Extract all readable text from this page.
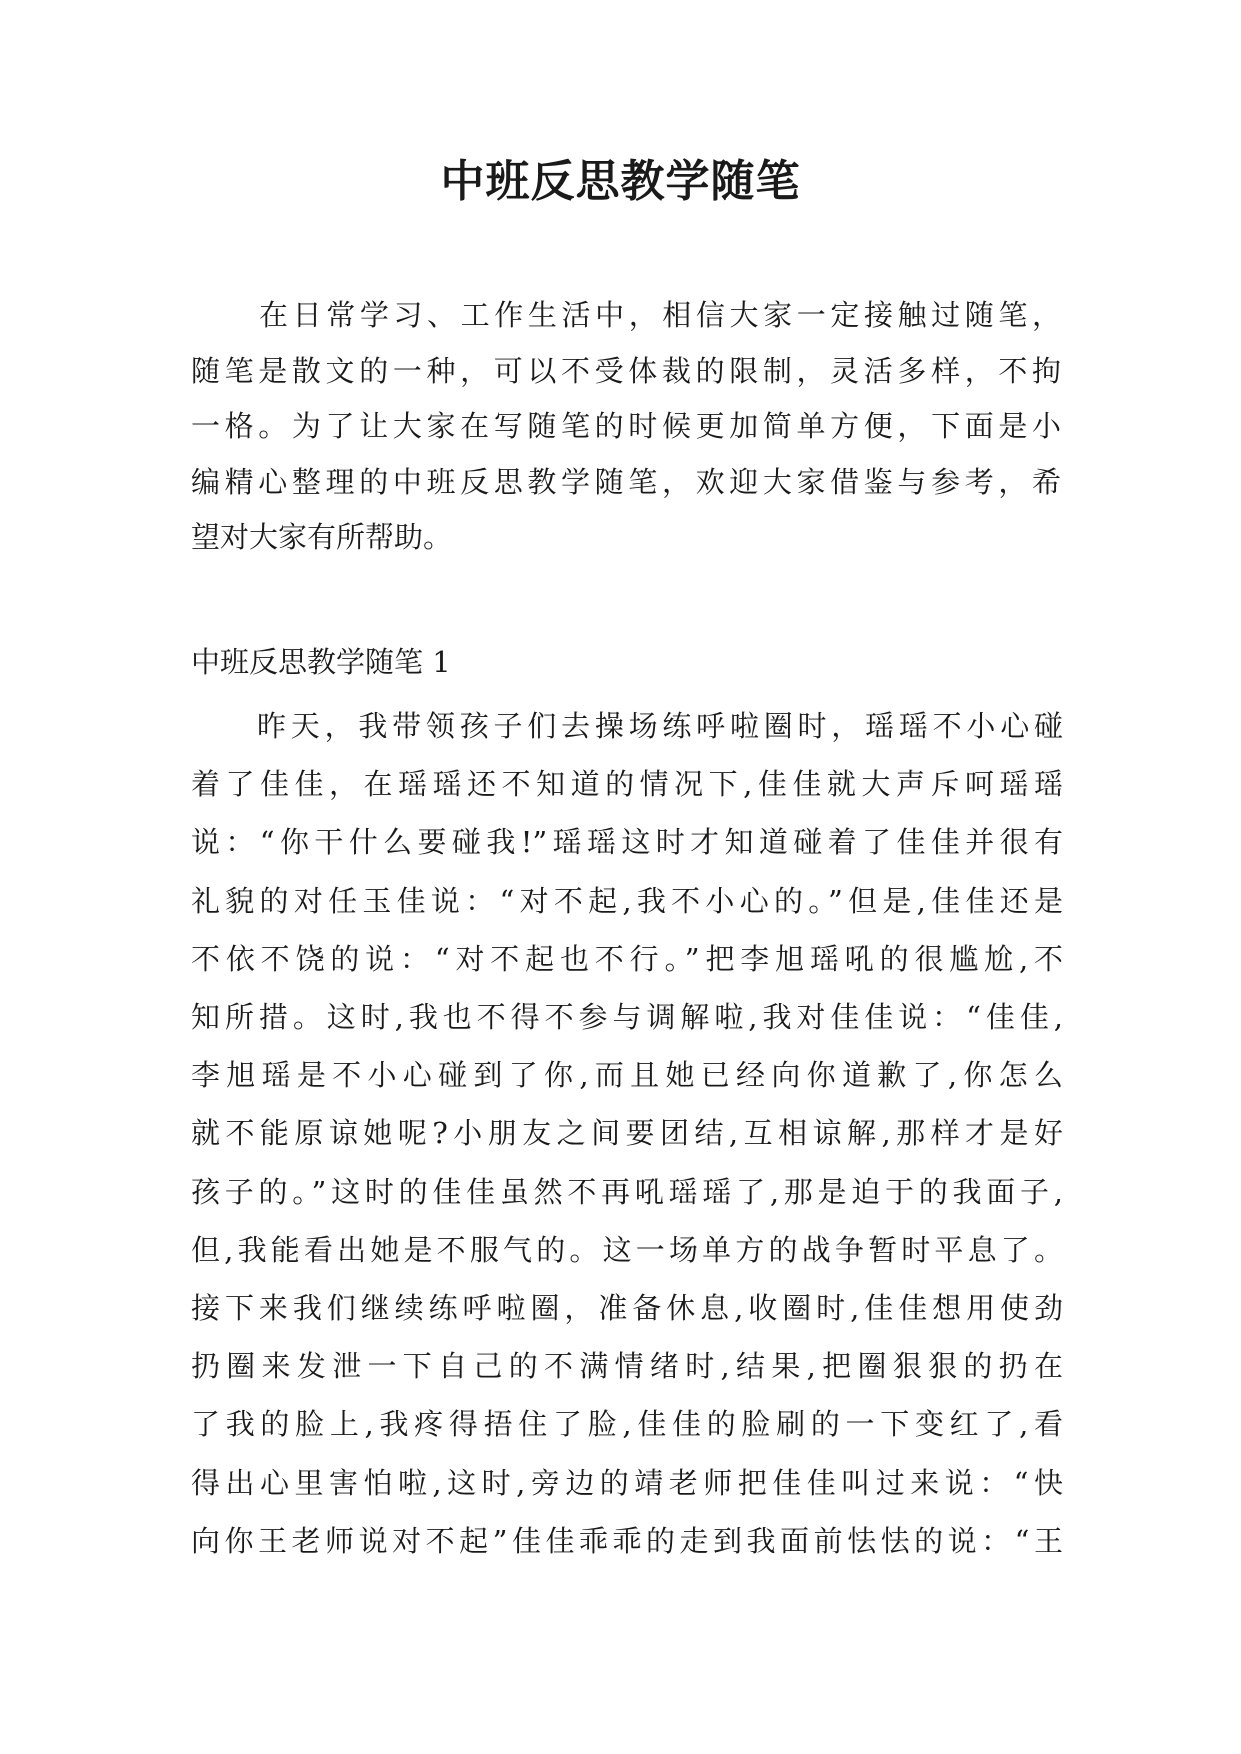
中班反思教学随笔
在日常学习、工作生活中，相信大家一定接触过随笔，
随笔是散文的一种，可以不受体裁的限制，灵活多样，不拘
一格。为了让大家在写随笔的时候更加简单方便，下面是小
编精心整理的中班反思教学随笔，欢迎大家借鉴与参考，希
望对大家有所帮助。
中班反思教学随笔 1
昨天，我带领孩子们去操场练呼啦圈时，瑶瑶不小心碰
着了佳佳，在瑶瑶还不知道的情况下,佳佳就大声斥呵瑶瑶
说：“你干什么要碰我!”瑶瑶这时才知道碰着了佳佳并很有
礼貌的对任玉佳说：“对不起,我不小心的。”但是,佳佳还是
不依不饶的说：“对不起也不行。”把李旭瑶吼的很尴尬,不
知所措。这时,我也不得不参与调解啦,我对佳佳说：“佳佳,
李旭瑶是不小心碰到了你,而且她已经向你道歉了,你怎么
就不能原谅她呢?小朋友之间要团结,互相谅解,那样才是好
孩子的。”这时的佳佳虽然不再吼瑶瑶了,那是迫于的我面子,
但,我能看出她是不服气的。这一场单方的战争暂时平息了。
接下来我们继续练呼啦圈，准备休息,收圈时,佳佳想用使劲
扔圈来发泄一下自己的不满情绪时,结果,把圈狠狠的扔在
了我的脸上,我疼得捂住了脸,佳佳的脸刷的一下变红了,看
得出心里害怕啦,这时,旁边的靖老师把佳佳叫过来说：“快
向你王老师说对不起”佳佳乖乖的走到我面前怯怯的说：“王
